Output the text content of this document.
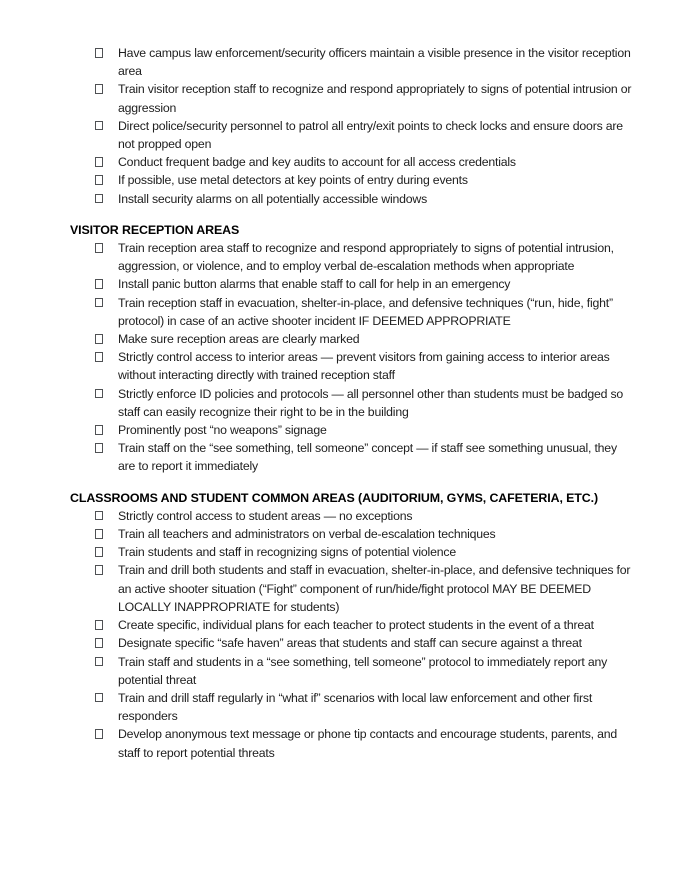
Have campus law enforcement/security officers maintain a visible presence in the visitor reception area
Train visitor reception staff to recognize and respond appropriately to signs of potential intrusion or aggression
Direct police/security personnel to patrol all entry/exit points to check locks and ensure doors are not propped open
Conduct frequent badge and key audits to account for all access credentials
If possible, use metal detectors at key points of entry during events
Install security alarms on all potentially accessible windows
VISITOR RECEPTION AREAS
Train reception area staff to recognize and respond appropriately to signs of potential intrusion, aggression, or violence, and to employ verbal de-escalation methods when appropriate
Install panic button alarms that enable staff to call for help in an emergency
Train reception staff in evacuation, shelter-in-place, and defensive techniques (“run, hide, fight” protocol) in case of an active shooter incident IF DEEMED APPROPRIATE
Make sure reception areas are clearly marked
Strictly control access to interior areas — prevent visitors from gaining access to interior areas without interacting directly with trained reception staff
Strictly enforce ID policies and protocols — all personnel other than students must be badged so staff can easily recognize their right to be in the building
Prominently post “no weapons” signage
Train staff on the “see something, tell someone” concept — if staff see something unusual, they are to report it immediately
CLASSROOMS AND STUDENT COMMON AREAS (AUDITORIUM, GYMS, CAFETERIA, ETC.)
Strictly control access to student areas — no exceptions
Train all teachers and administrators on verbal de-escalation techniques
Train students and staff in recognizing signs of potential violence
Train and drill both students and staff in evacuation, shelter-in-place, and defensive techniques for an active shooter situation (“Fight” component of run/hide/fight protocol MAY BE DEEMED LOCALLY INAPPROPRIATE for students)
Create specific, individual plans for each teacher to protect students in the event of a threat
Designate specific “safe haven” areas that students and staff can secure against a threat
Train staff and students in a “see something, tell someone” protocol to immediately report any potential threat
Train and drill staff regularly in “what if” scenarios with local law enforcement and other first responders
Develop anonymous text message or phone tip contacts and encourage students, parents, and staff to report potential threats
